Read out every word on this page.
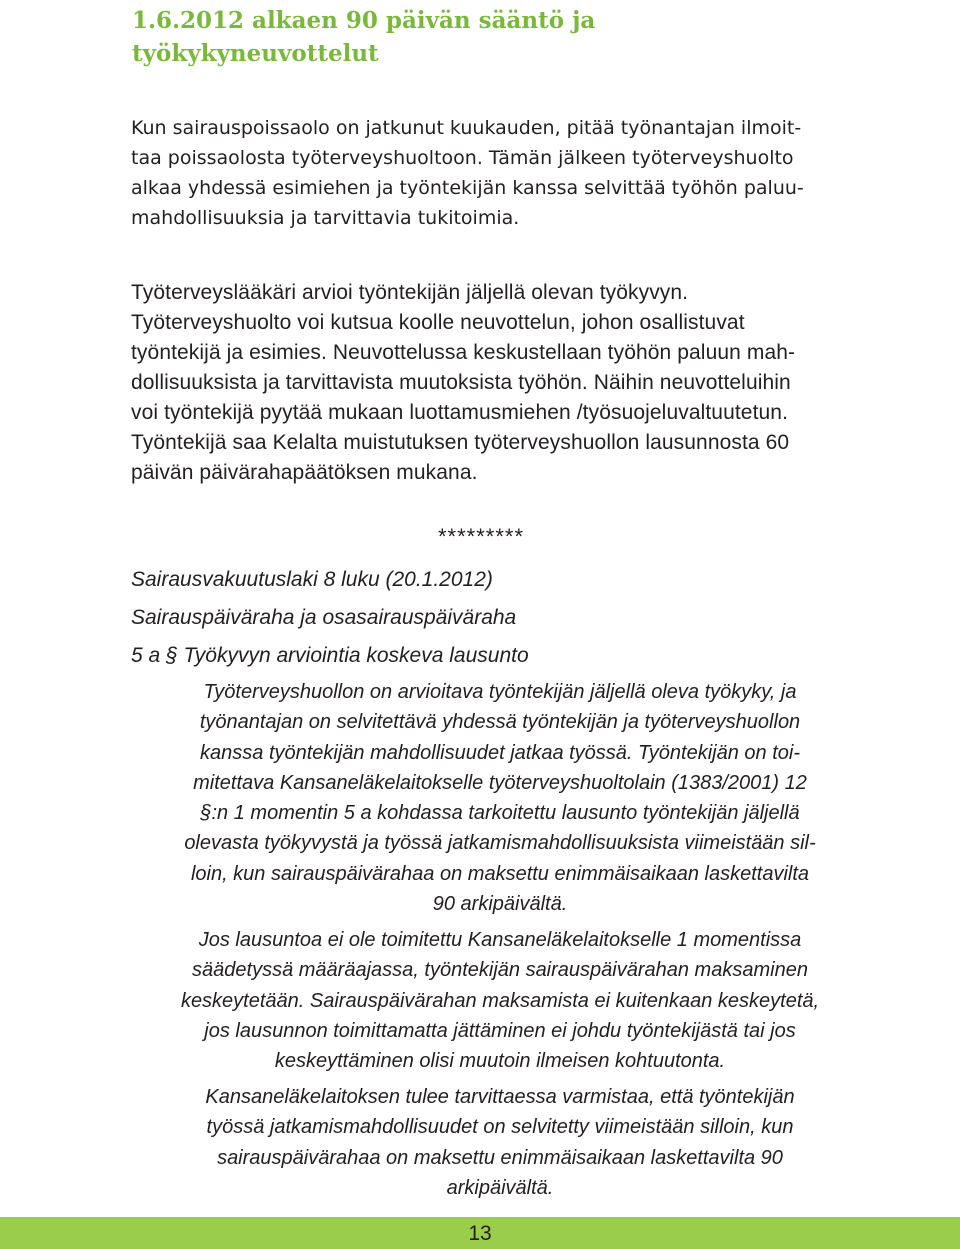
1.6.2012 alkaen 90 päivän sääntö ja
työkykyneuvottelut
Kun sairauspoissaolo on jatkunut kuukauden, pitää työnantajan ilmoit-
taa poissaolosta työterveyshuoltoon. Tämän jälkeen työterveyshuolto
alkaa yhdessä esimiehen ja työntekijän kanssa selvittää työhön paluu-
mahdollisuuksia ja tarvittavia tukitoimia.
Työterveyslääkäri arvioi työntekijän jäljellä olevan työkyvyn.
Työterveyshuolto voi kutsua koolle neuvottelun, johon osallistuvat
työntekijä ja esimies. Neuvottelussa keskustellaan työhön paluun mah-
dollisuuksista ja tarvittavista muutoksista työhön. Näihin neuvotteluihin
voi työntekijä pyytää mukaan luottamusmiehen /työsuojeluvaltuutetun.
Työntekijä saa Kelalta muistutuksen työterveyshuollon lausunnosta 60
päivän päivärahapäätöksen mukana.
*********
Sairausvakuutuslaki 8 luku (20.1.2012)
Sairauspäiväraha ja osasairauspäiväraha
5 a § Työkyvyn arviointia koskeva lausunto
Työterveyshuollon on arvioitava työntekijän jäljellä oleva työkyky, ja
työnantajan on selvitettävä yhdessä työntekijän ja työterveyshuollon
kanssa työntekijän mahdollisuudet jatkaa työssä. Työntekijän on toi-
mitettava Kansaneläkelaitokselle työterveyshuoltolain (1383/2001) 12
§:n 1 momentin 5 a kohdassa tarkoitettu lausunto työntekijän jäljellä
olevasta työkyvystä ja työssä jatkamismahdollisuuksista viimeistään sil-
loin, kun sairauspäivärahaa on maksettu enimmäisaikaan laskettavilta
90 arkipäivältä.
Jos lausuntoa ei ole toimitettu Kansaneläkelaitokselle 1 momentissa
säädetyssä määräajassa, työntekijän sairauspäivärahan maksaminen
keskeytetään. Sairauspäivärahan maksamista ei kuitenkaan keskeytetä,
jos lausunnon toimittamatta jättäminen ei johdu työntekijästä tai jos
keskeyttäminen olisi muutoin ilmeisen kohtuutonta.
Kansaneläkelaitoksen tulee tarvittaessa varmistaa, että työntekijän
työssä jatkamismahdollisuudet on selvitetty viimeistään silloin, kun
sairauspäivärahaa on maksettu enimmäisaikaan laskettavilta 90
arkipäivältä.
13
